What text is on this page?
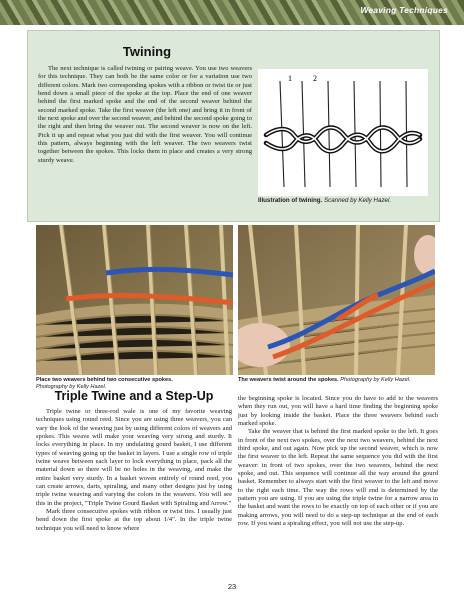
Weaving Techniques
Twining

The next technique is called twining or pairing weave. You use two weavers for this technique. They can both be the same color or for a variation use two different colors. Mark two corresponding spokes with a ribbon or twist tie or just bend down a small piece of the spoke at the top. Place the end of one weaver behind the first marked spoke and the end of the second weaver behind the second marked spoke. Take the first weaver (the left one) and bring it in front of the next spoke and over the second weaver, and behind the second spoke going to the right and then bring the weaver out. The second weaver is now on the left. Pick it up and repeat what you just did with the first weaver. You will continue this pattern, always beginning with the left weaver. The two weavers twist together between the spokes. This locks them in place and creates a very strong sturdy weave.

1	2
Illustration of twining. Scanned by Kelly Hazel.
Place two weavers behind two consecutive spokes.
Photography by Kelly Hazel.
The weavers twist around the spokes. Photography by Kelly Hazel.
Triple Twine and a Step-Up

Triple twine or three-rod wale is one of my favorite weaving techniques using round reed. Since you are using three weavers, you can vary the look of the weaving just by using different colors of weavers and spokes. This weave will make your weaving very strong and sturdy. It locks everything in place. In my undulating gourd basket, I use different types of weaving going up the basket in layers. I use a single row of triple twine weave between each layer to lock everything in place, pack all the material down so there will be no holes in the weaving, and make the entire basket very sturdy. In a basket woven entirely of round reed, you can create arrows, darts, spiraling, and many other designs just by using triple twine weaving and varying the colors in the weavers. You will see this in the project, "Triple Twine Gourd Basket with Spiraling and Arrow."

Mark three consecutive spokes with ribbon or twist ties. I usually just bend down the first spoke at the top about 1/4". In the triple twine technique you will need to know where

the beginning spoke is located. Since you do have to add to the weavers when they run out, you will have a hard time finding the beginning spoke just by looking inside the basket. Place the three weavers behind each marked spoke.

Take the weaver that is behind the first marked spoke to the left. It goes in front of the next two spokes, over the next two weavers, behind the next third spoke, and out again. Now pick up the second weaver, which is now the first weaver to the left. Repeat the same sequence you did with the first weaver: in front of two spokes, over the two weavers, behind the next spoke, and out. This sequence will continue all the way around the gourd basket. Remember to always start with the first weaver to the left and move to the right each time. The way the rows will end is determined by the pattern you are using. If you are using the triple twine for a narrow area in the basket and want the rows to be exactly on top of each other or if you are making arrows, you will need to do a step-up technique at the end of each row. If you want a spiraling effect, you will not use the step-up.

23
